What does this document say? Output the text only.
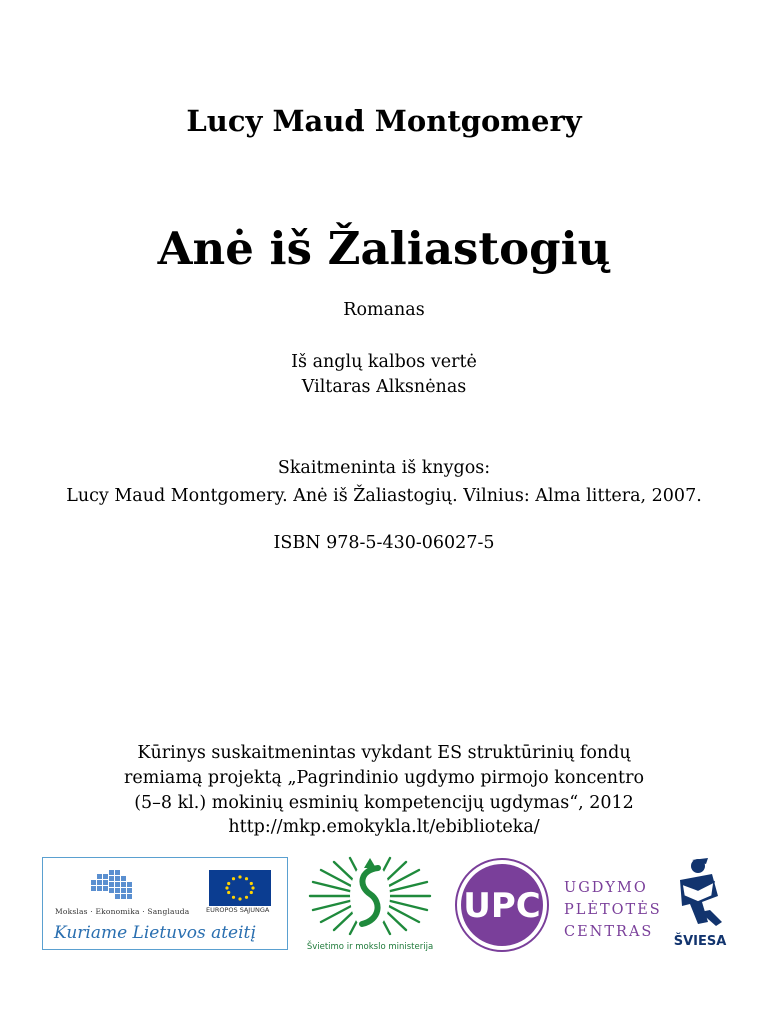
Lucy Maud Montgomery
Anė iš Žaliastogių
Romanas
Iš anglų kalbos vertė
Viltaras Alksnėnas
Skaitmeninta iš knygos:
Lucy Maud Montgomery. Anė iš Žaliastogių. Vilnius: Alma littera, 2007.
ISBN 978-5-430-06027-5
Kūrinys suskaitmenintas vykdant ES struktūrinių fondų
remiamą projektą „Pagrindinio ugdymo pirmojo koncentro
(5–8 kl.) mokinių esminių kompetencijų ugdymas“, 2012
http://mkp.emokykla.lt/ebiblioteka/
Mokslas · Ekonomika · Sanglauda	EUROPOS SĄJUNGA
Kuriame Lietuvos ateitį
Švietimo ir mokslo ministerija
UPC UGDYMO
PLĖTOTĖS
CENTRAS
ŠVIESA
